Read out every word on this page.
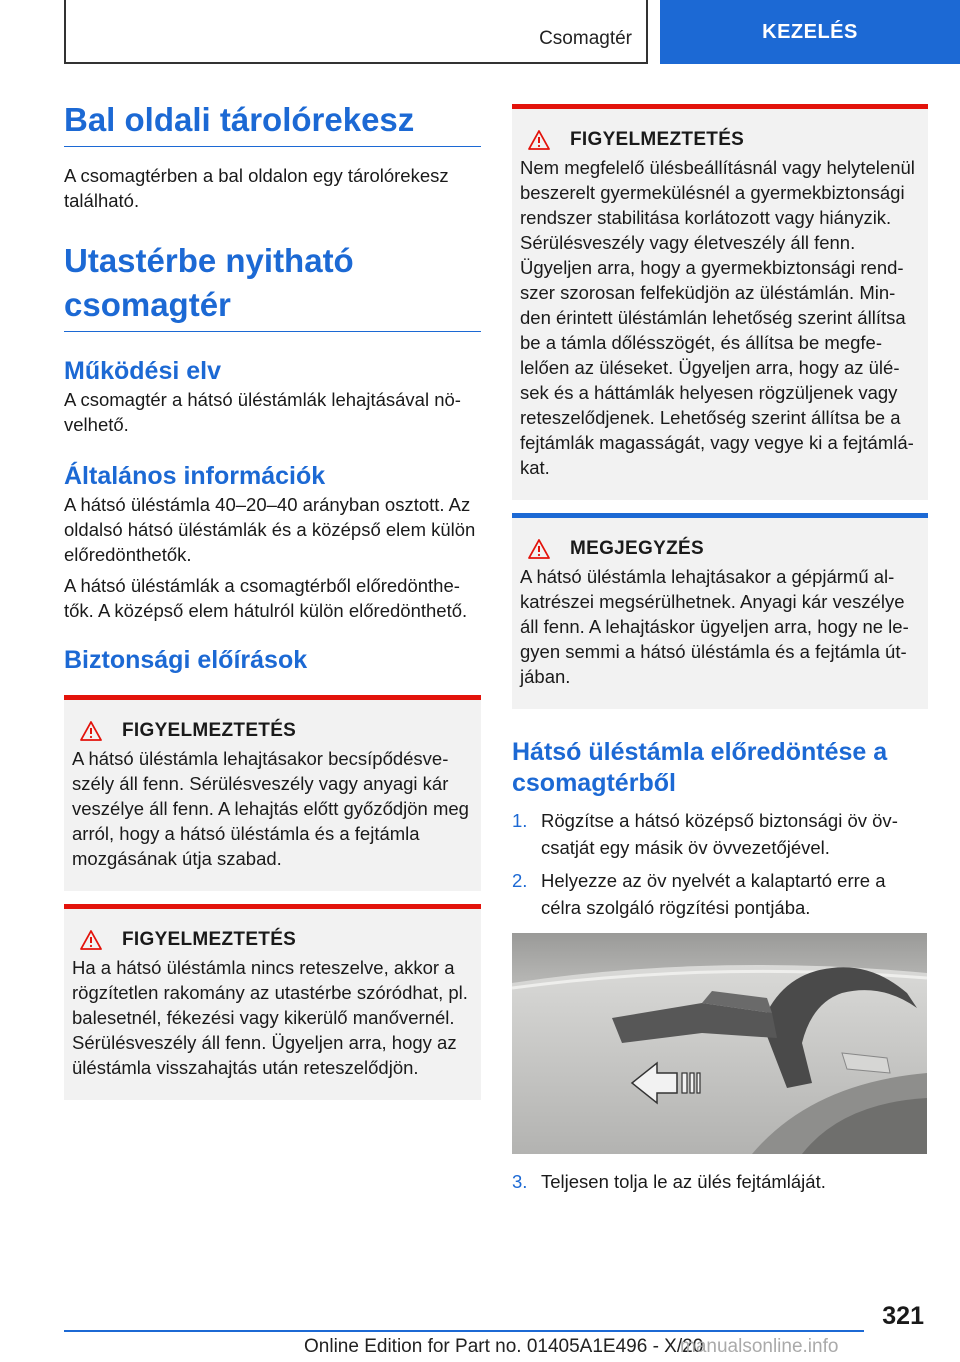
Csomagtér	KEZELÉS
Bal oldali tárolórekesz

A csomagtérben a bal oldalon egy tárolórekesz található.

Utastérbe nyitható
csomagtér
Működési elv

A csomagtér a hátsó üléstámlák lehajtásával növelhető.

Általános információk

A hátsó üléstámla 40–20–40 arányban osztott. Az oldalsó hátsó üléstámlák és a középső elem külön előredönthetők.

A hátsó üléstámlák a csomagtérből előredönthetők. A középső elem hátulról külön előredönthető.

Biztonsági előírások
FIGYELMEZTETÉS

A hátsó üléstámla lehajtásakor becsípődésveszély áll fenn. Sérülésveszély vagy anyagi kár veszélye áll fenn. A lehajtás előtt győződjön meg arról, hogy a hátsó üléstámla és a fejtámla mozgásának útja szabad.

FIGYELMEZTETÉS

Ha a hátsó üléstámla nincs reteszelve, akkor a rögzítetlen rakomány az utastérbe szóródhat, pl. balesetnél, fékezési vagy kikerülő manővernél. Sérülésveszély áll fenn. Ügyeljen arra, hogy az üléstámla visszahajtás után reteszelődjön.

FIGYELMEZTETÉS

Nem megfelelő ülésbeállításnál vagy helytelenül beszerelt gyermekülésnél a gyermekbiztonsági rendszer stabilitása korlátozott vagy hiányzik. Sérülésveszély vagy életveszély áll fenn. Ügyeljen arra, hogy a gyermekbiztonsági rendszer szorosan felfeküdjön az üléstámlán. Minden érintett üléstámlán lehetőség szerint állítsa be a támla dőlésszögét, és állítsa be megfelelően az üléseket. Ügyeljen arra, hogy az ülések és a háttámlák helyesen rögzüljenek vagy reteszelődjenek. Lehetőség szerint állítsa be a fejtámlák magasságát, vagy vegye ki a fejtámlákat.

MEGJEGYZÉS

A hátsó üléstámla lehajtásakor a gépjármű alkatrészei megsérülhetnek. Anyagi kár veszélye áll fenn. A lehajtáskor ügyeljen arra, hogy ne legyen semmi a hátsó üléstámla és a fejtámla útjában.

Hátsó üléstámla előredöntése a
csomagtérből
1. Rögzítse a hátsó középső biztonsági öv övcsatját egy másik öv övvezetőjével.
2. Helyezze az öv nyelvét a kalaptartó erre a célra szolgáló rögzítési pontjába.
3. Teljesen tolja le az ülés fejtámláját.
321
Online Edition for Part no. 01405A1E496 - X/20
manualsonline.info
